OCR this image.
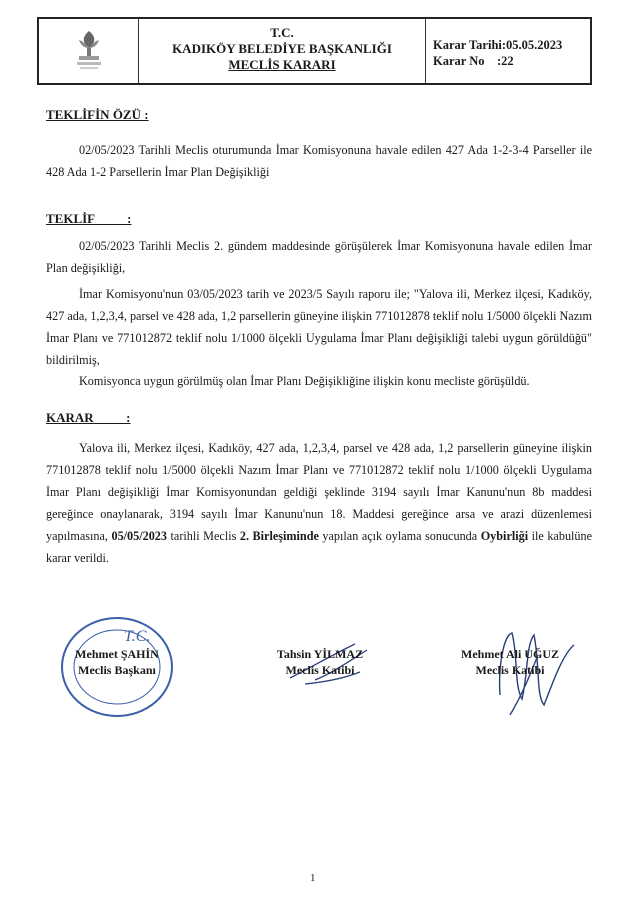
T.C.
KADIKÖY BELEDİYE BAŞKANLIĞI
MECLİS KARARI
Karar Tarihi:05.05.2023
Karar No    :22
TEKLİFİN ÖZÜ :
02/05/2023 Tarihli Meclis oturumunda İmar Komisyonuna havale edilen 427 Ada 1-2-3-4 Parseller ile 428 Ada 1-2 Parsellerin İmar Plan Değişikliği
TEKLİF          :
02/05/2023 Tarihli Meclis 2. gündem maddesinde görüşülerek İmar Komisyonuna havale edilen İmar Plan değişikliği,
İmar Komisyonu'nun 03/05/2023 tarih ve 2023/5 Sayılı raporu ile; "Yalova ili, Merkez ilçesi, Kadıköy, 427 ada, 1,2,3,4, parsel ve 428 ada, 1,2 parsellerin güneyine ilişkin 771012878 teklif nolu 1/5000 ölçekli Nazım İmar Planı ve 771012872 teklif nolu 1/1000 ölçekli Uygulama İmar Planı değişikliği talebi uygun görüldüğü" bildirilmiş,
Komisyonca uygun görülmüş olan İmar Planı Değişikliğine ilişkin konu mecliste görüşüldü.
KARAR          :
Yalova ili, Merkez ilçesi, Kadıköy, 427 ada, 1,2,3,4, parsel ve 428 ada, 1,2 parsellerin güneyine ilişkin 771012878 teklif nolu 1/5000 ölçekli Nazım İmar Planı ve 771012872 teklif nolu 1/1000 ölçekli Uygulama İmar Planı değişikliği İmar Komisyonundan geldiği şeklinde 3194 sayılı İmar Kanunu'nun 8b maddesi gereğince onaylanarak, 3194 sayılı İmar Kanunu'nun 18. Maddesi gereğince arsa ve arazi düzenlemesi yapılmasına, 05/05/2023 tarihli Meclis 2. Birleşiminde yapılan açık oylama sonucunda Oybirliği ile kabulüne karar verildi.
T.C.
Mehmet ŞAHİN
Meclis Başkanı
Tahsin YİLMAZ
Meclis Katibi
Mehmet Ali UĞUZ
Meclis Katibi
1
